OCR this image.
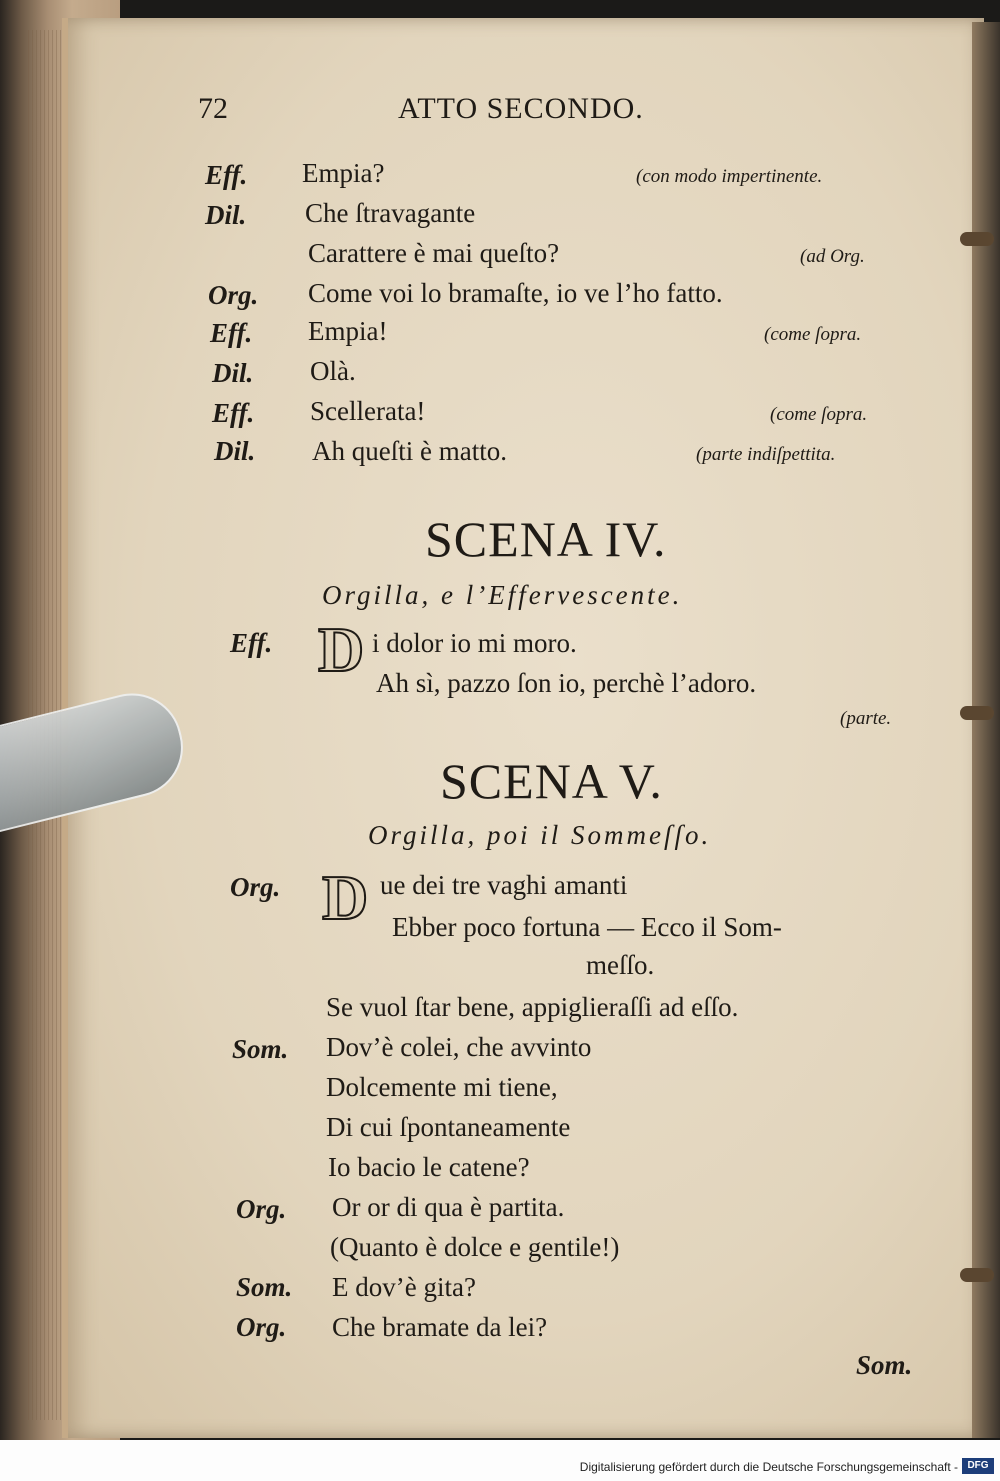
72	ATTO SECONDO.
Eff. Empia?	(con modo impertinente.
Dil. Che ſtravagante
Carattere è mai queſto?	(ad Org.
Org. Come voi lo bramaſte, io ve l’ho fatto.
Eff. Empia!	(come ſopra.
Dil. Olà.
Eff. Scellerata!	(come ſopra.
Dil. Ah queſti è matto.	(parte indiſpettita.
SCENA IV.
Orgilla, e l’Effervescente.
Eff. D i dolor io mi moro.
Ah sì, pazzo ſon io, perchè l’adoro.
(parte.
SCENA V.
Orgilla, poi il Sommeſſo.
D
Org.	ue dei tre vaghi amanti
Ebber poco fortuna — Ecco il Som-
meſſo.
Se vuol ſtar bene, appiglieraſſi ad eſſo.
Som. Dov’è colei, che avvinto
Dolcemente mi tiene,
Di cui ſpontaneamente
Io bacio le catene?
Org. Or or di qua è partita.
(Quanto è dolce e gentile!)
Som. E dov’è gita?
Org. Che bramate da lei?
Som.
Digitalisierung gefördert durch die Deutsche Forschungsgemeinschaft - DFG
